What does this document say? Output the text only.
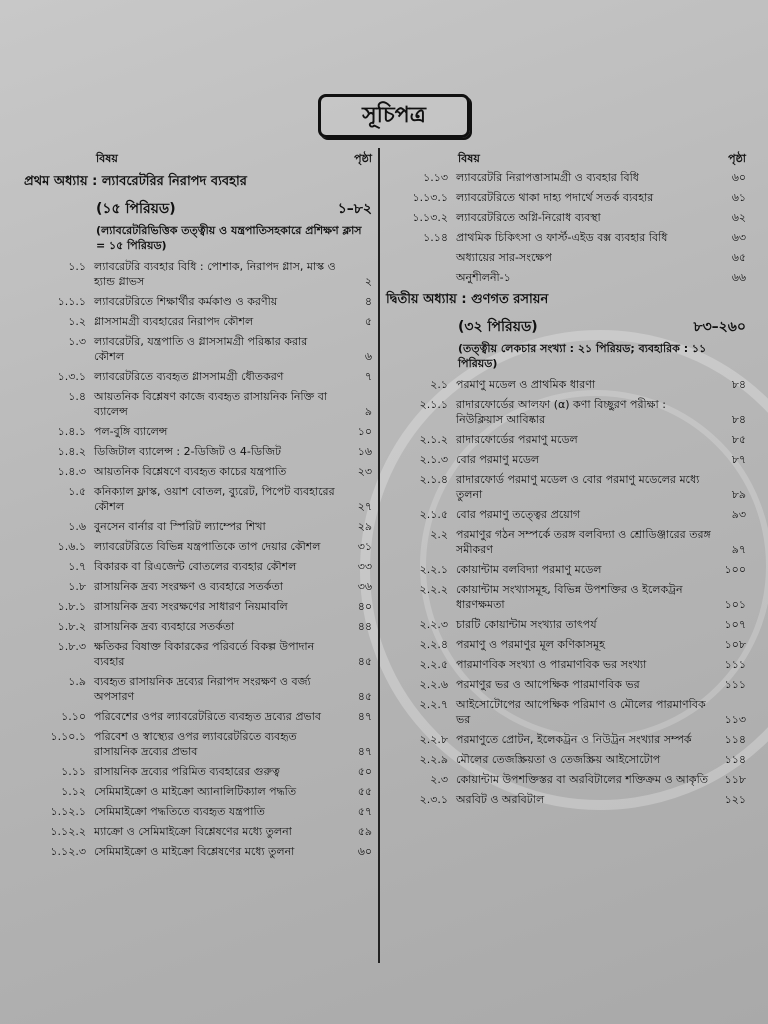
সূচিপত্র
বিষয়	পৃষ্ঠা
প্রথম অধ্যায় : ল্যাবরেটরির নিরাপদ ব্যবহার
(১৫ পিরিয়ড)	১–৮২
(ল্যাবরেটরিভিত্তিক তত্ত্বীয় ও যন্ত্রপাতিসহকারে প্রশিক্ষণ ক্লাস = ১৫ পিরিয়ড)
১.১ ল্যাবরেটরি ব্যবহার বিধি : পোশাক, নিরাপদ গ্লাস, মাস্ক ও হ্যান্ড গ্লাভস	২
১.১.১ ল্যাবরেটরিতে শিক্ষার্থীর কর্মকাণ্ড ও করণীয়	৪
১.২ গ্লাসসামগ্রী ব্যবহারের নিরাপদ কৌশল	৫
১.৩ ল্যাবরেটরি, যন্ত্রপাতি ও গ্লাসসামগ্রী পরিষ্কার করার কৌশল	৬
১.৩.১ ল্যাবরেটরিতে ব্যবহৃত গ্লাসসামগ্রী ধৌতকরণ	৭
১.৪ আয়তনিক বিশ্লেষণ কাজে ব্যবহৃত রাসায়নিক নিক্তি বা ব্যালেন্স	৯
১.৪.১ পল-বুঙ্গি ব্যালেন্স	১০
১.৪.২ ডিজিটাল ব্যালেন্স : 2-ডিজিট ও 4-ডিজিট	১৬
১.৪.৩ আয়তনিক বিশ্লেষণে ব্যবহৃত কাচের যন্ত্রপাতি	২৩
১.৫ কনিক্যাল ফ্লাস্ক, ওয়াশ বোতল, ব্যুরেট, পিপেট ব্যবহারের কৌশল	২৭
১.৬ বুনসেন বার্নার বা স্পিরিট ল্যাম্পের শিখা	২৯
১.৬.১ ল্যাবরেটরিতে বিভিন্ন যন্ত্রপাতিকে তাপ দেয়ার কৌশল	৩১
১.৭ বিকারক বা রিএজেন্ট বোতলের ব্যবহার কৌশল	৩৩
১.৮ রাসায়নিক দ্রব্য সংরক্ষণ ও ব্যবহারে সতর্কতা	৩৬
১.৮.১ রাসায়নিক দ্রব্য সংরক্ষণের সাধারণ নিয়মাবলি	৪০
১.৮.২ রাসায়নিক দ্রব্য ব্যবহারে সতর্কতা	৪৪
১.৮.৩ ক্ষতিকর বিষাক্ত বিকারকের পরিবর্তে বিকল্প উপাদান ব্যবহার	৪৫
১.৯ ব্যবহৃত রাসায়নিক দ্রব্যের নিরাপদ সংরক্ষণ ও বর্জ্য অপসারণ	৪৫
১.১০ পরিবেশের ওপর ল্যাবরেটরিতে ব্যবহৃত দ্রব্যের প্রভাব	৪৭
১.১০.১ পরিবেশ ও স্বাস্থ্যের ওপর ল্যাবরেটরিতে ব্যবহৃত রাসায়নিক দ্রব্যের প্রভাব	৪৭
১.১১ রাসায়নিক দ্রব্যের পরিমিত ব্যবহারের গুরুত্ব	৫০
১.১২ সেমিমাইক্রো ও মাইক্রো অ্যানালিটিক্যাল পদ্ধতি	৫৫
১.১২.১ সেমিমাইক্রো পদ্ধতিতে ব্যবহৃত যন্ত্রপাতি	৫৭
১.১২.২ ম্যাক্রো ও সেমিমাইক্রো বিশ্লেষণের মধ্যে তুলনা	৫৯
১.১২.৩ সেমিমাইক্রো ও মাইক্রো বিশ্লেষণের মধ্যে তুলনা	৬০
বিষয়	পৃষ্ঠা
১.১৩ ল্যাবরেটরি নিরাপত্তাসামগ্রী ও ব্যবহার বিধি	৬০
১.১৩.১ ল্যাবরেটরিতে থাকা দাহ্য পদার্থে সতর্ক ব্যবহার	৬১
১.১৩.২ ল্যাবরেটরিতে অগ্নি-নিরোধ ব্যবস্থা	৬২
১.১৪ প্রাথমিক চিকিৎসা ও ফার্স্ট-এইড বক্স ব্যবহার বিধি	৬৩
অধ্যায়ের সার-সংক্ষেপ	৬৫
অনুশীলনী-১	৬৬
দ্বিতীয় অধ্যায় : গুণগত রসায়ন
(৩২ পিরিয়ড)	৮৩–২৬০
(তত্ত্বীয় লেকচার সংখ্যা : ২১ পিরিয়ড; ব্যবহারিক : ১১ পিরিয়ড)
২.১ পরমাণু মডেল ও প্রাথমিক ধারণা	৮৪
২.১.১ রাদারফোর্ডের আলফা (α) কণা বিচ্ছুরণ পরীক্ষা : নিউক্লিয়াস আবিষ্কার	৮৪
২.১.২ রাদারফোর্ডের পরমাণু মডেল	৮৫
২.১.৩ বোর পরমাণু মডেল	৮৭
২.১.৪ রাদারফোর্ড পরমাণু মডেল ও বোর পরমাণু মডেলের মধ্যে তুলনা	৮৯
২.১.৫ বোর পরমাণু তত্ত্বের প্রয়োগ	৯৩
২.২ পরমাণুর গঠন সম্পর্কে তরঙ্গ বলবিদ্যা ও শ্রোডিঞ্জারের তরঙ্গ সমীকরণ	৯৭
২.২.১ কোয়ান্টাম বলবিদ্যা পরমাণু মডেল	১০০
২.২.২ কোয়ান্টাম সংখ্যাসমূহ, বিভিন্ন উপশক্তির ও ইলেকট্রন ধারণক্ষমতা	১০১
২.২.৩ চারটি কোয়ান্টাম সংখ্যার তাৎপর্য	১০৭
২.২.৪ পরমাণু ও পরমাণুর মূল কণিকাসমূহ	১০৮
২.২.৫ পারমাণবিক সংখ্যা ও পারমাণবিক ভর সংখ্যা	১১১
২.২.৬ পরমাণুর ভর ও আপেক্ষিক পারমাণবিক ভর	১১১
২.২.৭ আইসোটোপের আপেক্ষিক পরিমাণ ও মৌলের পারমাণবিক ভর	১১৩
২.২.৮ পরমাণুতে প্রোটন, ইলেকট্রন ও নিউট্রন সংখ্যার সম্পর্ক	১১৪
২.২.৯ মৌলের তেজস্ক্রিয়তা ও তেজস্ক্রিয় আইসোটোপ	১১৪
২.৩ কোয়ান্টাম উপশক্তিস্তর বা অরবিটালের শক্তিক্রম ও আকৃতি	১১৮
২.৩.১ অরবিট ও অরবিটাল	১২১
